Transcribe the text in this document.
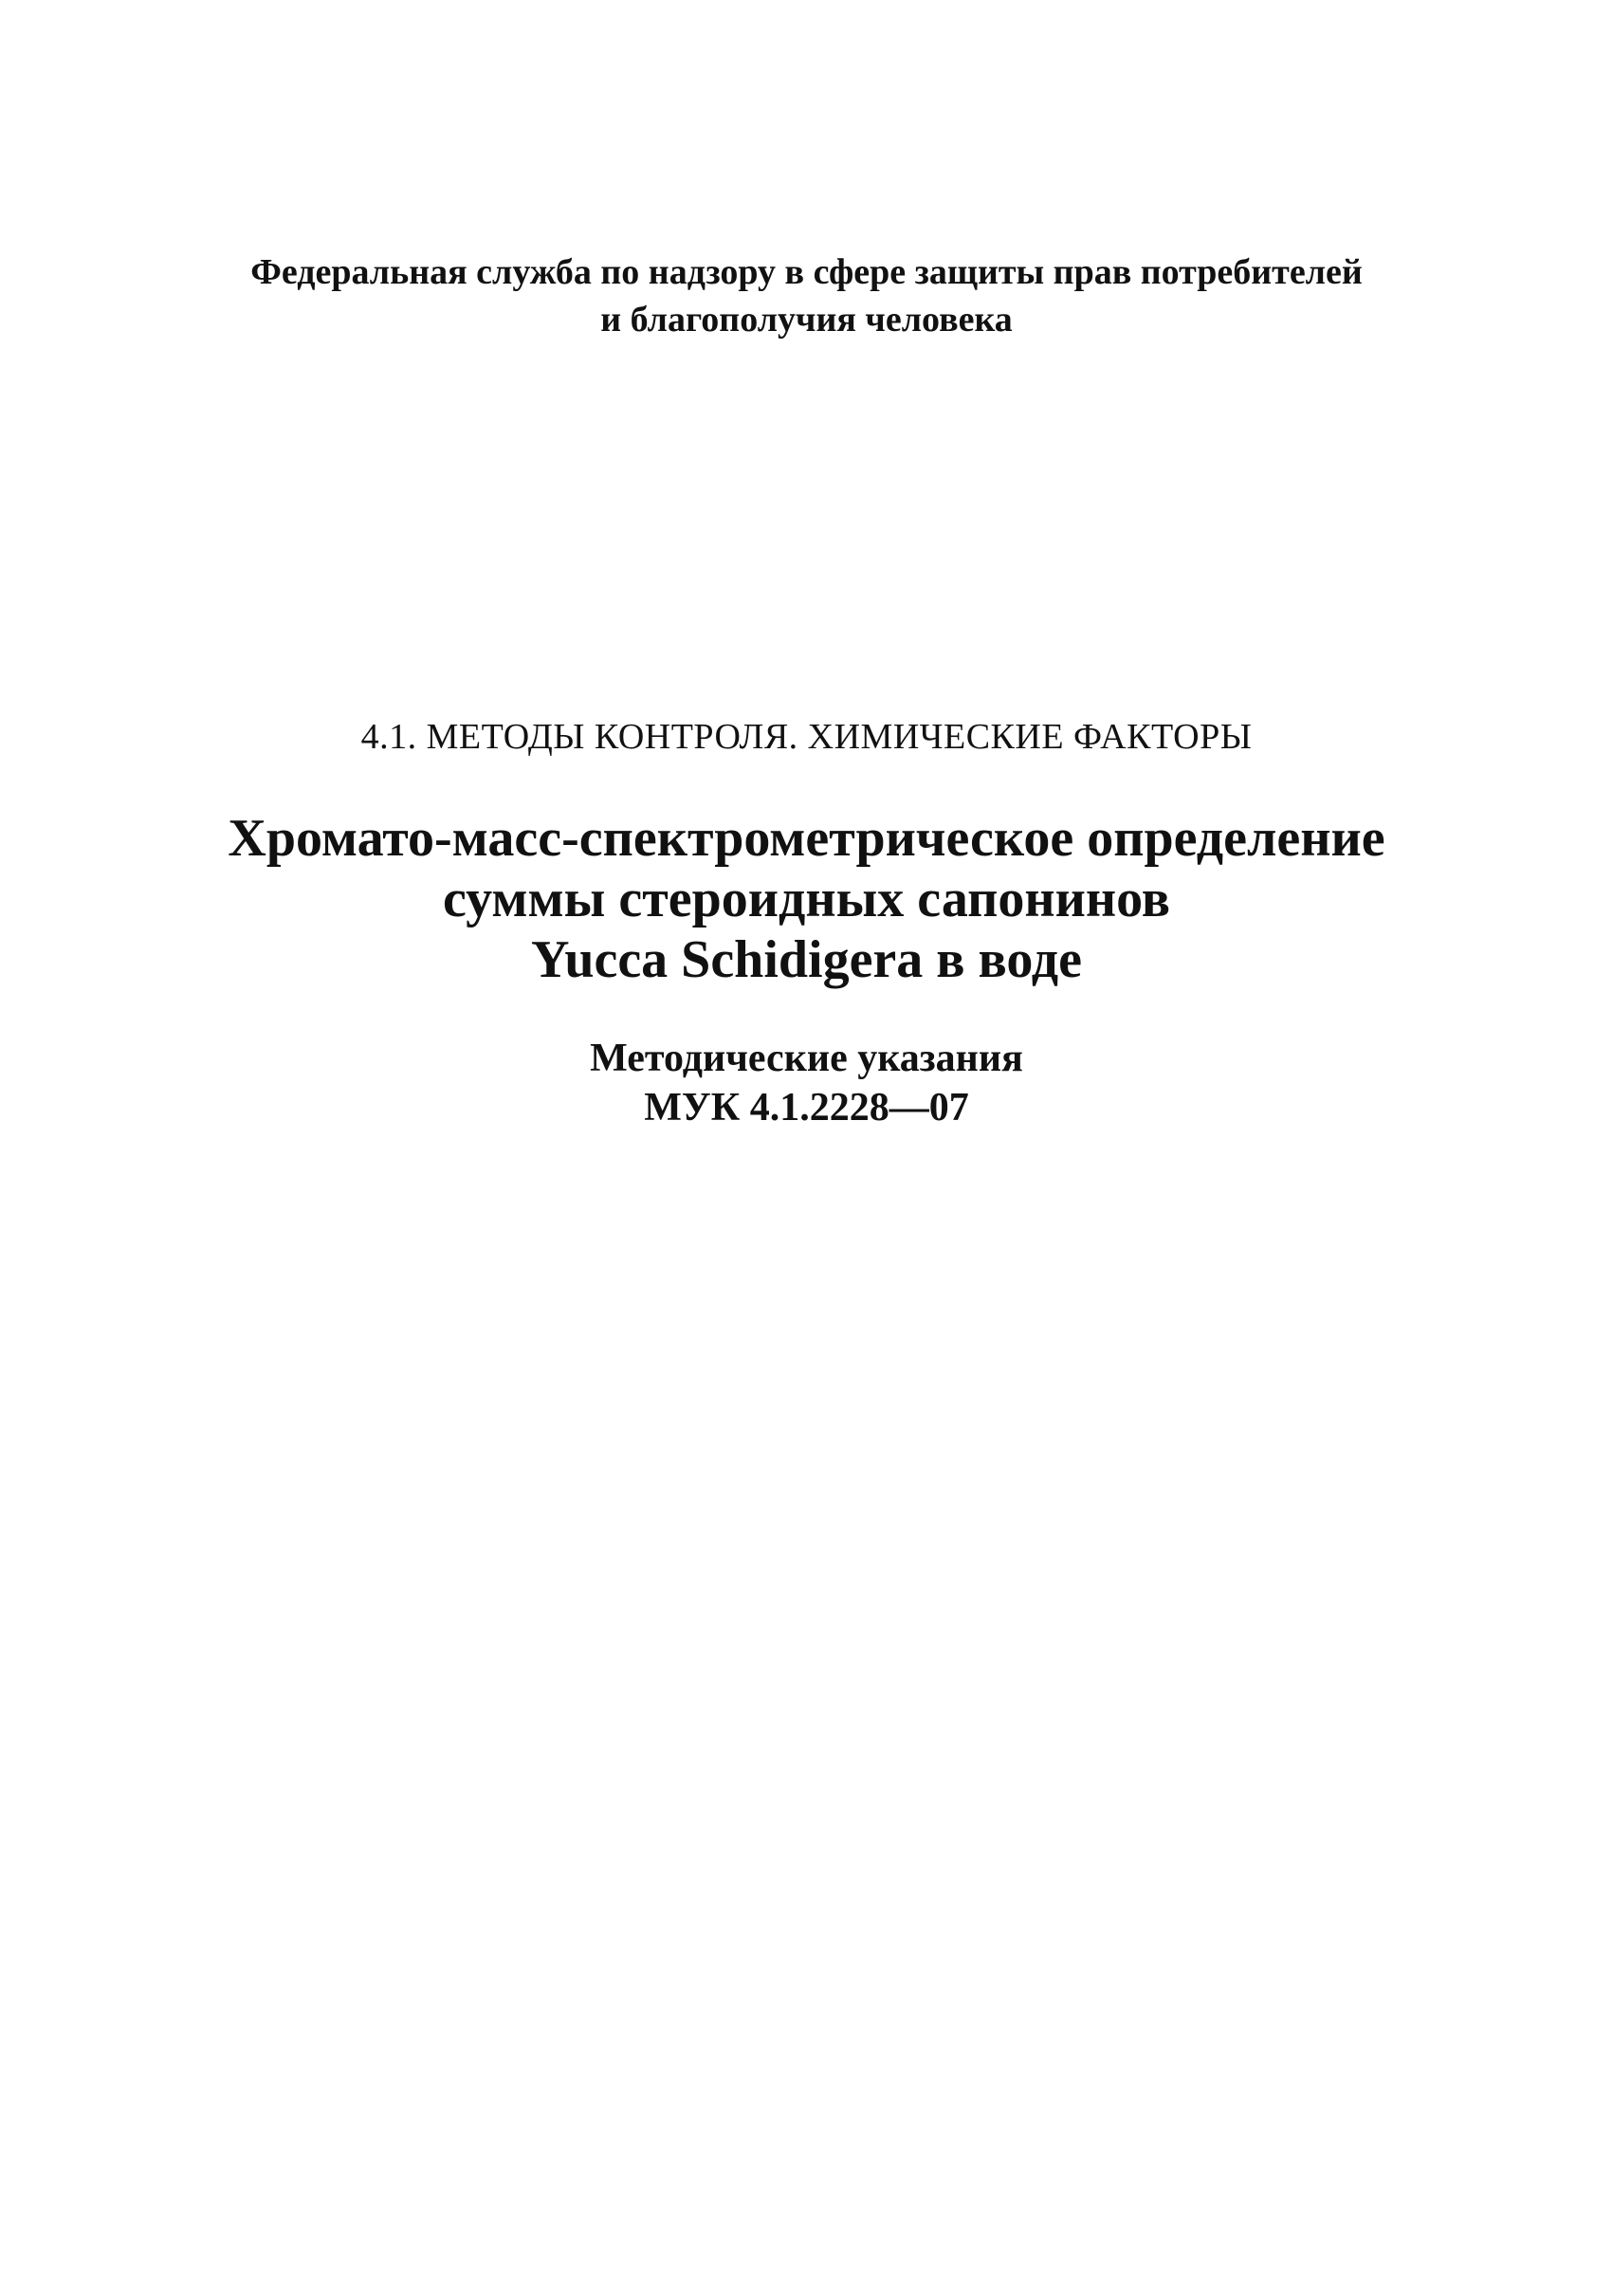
Федеральная служба по надзору в сфере защиты прав потребителей
и благополучия человека
4.1. МЕТОДЫ КОНТРОЛЯ. ХИМИЧЕСКИЕ ФАКТОРЫ
Хромато-масс-спектрометрическое определение
суммы стероидных сапонинов
Yucca Schidigera в воде
Методические указания
МУК 4.1.2228—07
